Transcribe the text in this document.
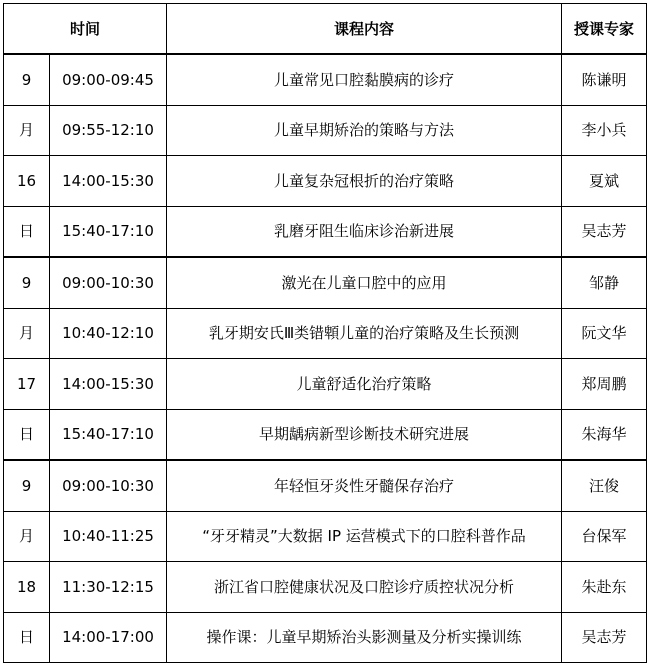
时间		课程内容	授课专家
9	09:00-09:45	儿童常见口腔黏膜病的诊疗	陈谦明
月	09:55-12:10	儿童早期矫治的策略与方法	李小兵
16	14:00-15:30	儿童复杂冠根折的治疗策略	夏斌
日	15:40-17:10	乳磨牙阻生临床诊治新进展	吴志芳
9	09:00-10:30	激光在儿童口腔中的应用	邹静
月	10:40-12:10	乳牙期安氏Ⅲ类错䫌儿童的治疗策略及生长预测	阮文华
17	14:00-15:30	儿童舒适化治疗策略	郑周鹏
日	15:40-17:10	早期龋病新型诊断技术研究进展	朱海华
9	09:00-10:30	年轻恒牙炎性牙髓保存治疗	汪俊
月	10:40-11:25	“牙牙精灵”大数据 IP 运营模式下的口腔科普作品	台保军
18	11:30-12:15	浙江省口腔健康状况及口腔诊疗质控状况分析	朱赴东
日	14:00-17:00	操作课：儿童早期矫治头影测量及分析实操训练	吴志芳
